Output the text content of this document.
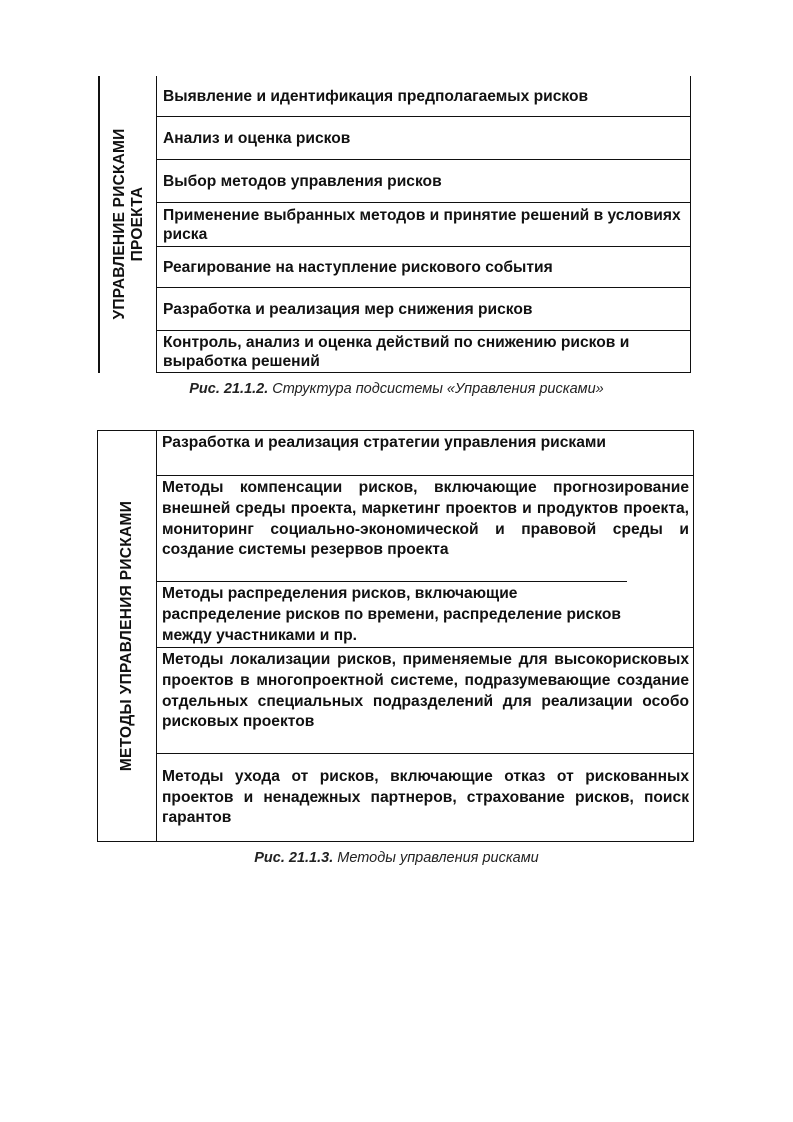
УПРАВЛЕНИЕ РИСКАМИ ПРОЕКТА
Выявление и идентификация предполагаемых рисков
Анализ и оценка рисков
Выбор методов управления рисков
Применение выбранных методов и принятие решений в условиях риска
Реагирование на наступление рискового события
Разработка и реализация мер снижения рисков
Контроль, анализ и оценка действий по снижению рисков и выработка решений
Рис. 21.1.2. Структура подсистемы «Управления рисками»
МЕТОДЫ УПРАВЛЕНИЯ РИСКАМИ
Разработка и реализация стратегии управления рисками
Методы компенсации рисков, включающие прогнозирование внешней среды проекта, маркетинг проектов и продуктов проекта, мониторинг социально-экономической и правовой среды и создание системы резервов проекта
Методы распределения рисков, включающие распределение рисков по времени, распределение рисков между участниками и пр.
Методы локализации рисков, применяемые для высокорисковых проектов в многопроектной системе, подразумевающие создание отдельных специальных подразделений для реализации особо рисковых проектов
Методы ухода от рисков, включающие отказ от рискованных проектов и ненадежных партнеров, страхование рисков, поиск гарантов
Рис. 21.1.3. Методы управления рисками
